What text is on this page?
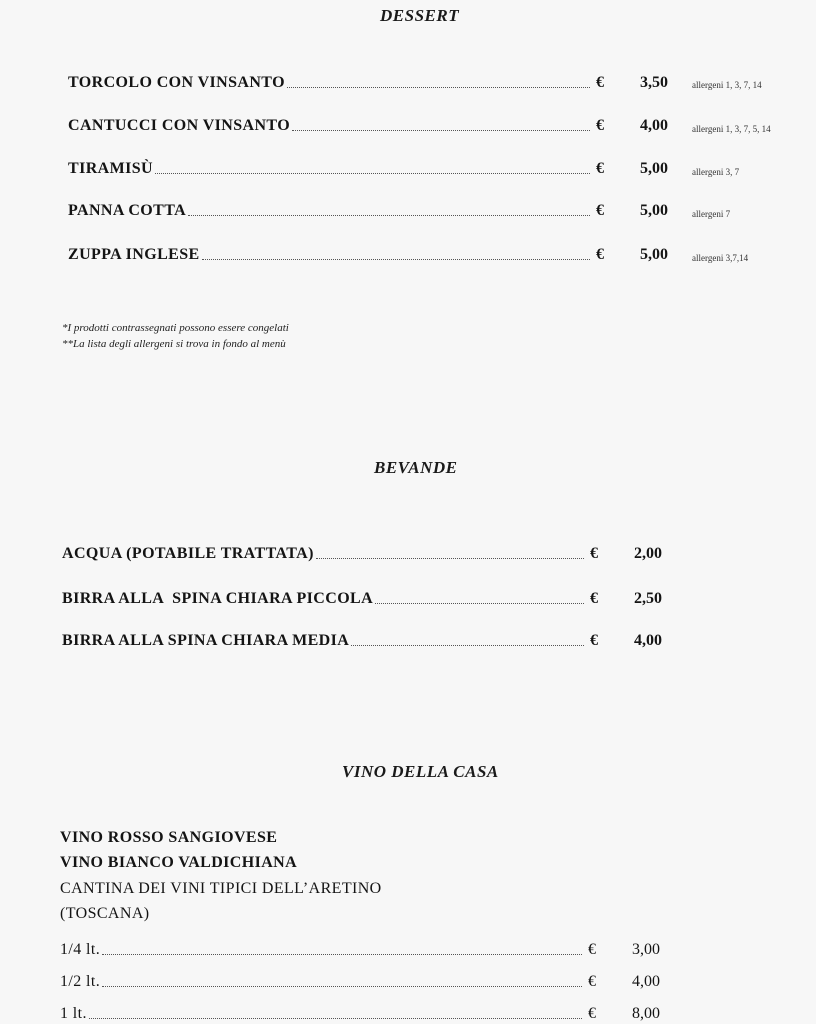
DESSERT
TORCOLO CON VINSANTO	€	3,50	allergeni 1, 3, 7, 14
CANTUCCI CON VINSANTO	€	4,00	allergeni 1, 3, 7, 5, 14
TIRAMISÙ	€	5,00	allergeni 3, 7
PANNA COTTA	€	5,00	allergeni 7
ZUPPA INGLESE	€	5,00	allergeni 3,7,14
*I prodotti contrassegnati possono essere congelati
**La lista degli allergeni si trova in fondo al menù
BEVANDE
ACQUA (POTABILE TRATTATA)	€	2,00
BIRRA ALLA  SPINA CHIARA PICCOLA	€	2,50
BIRRA ALLA SPINA CHIARA MEDIA	€	4,00
VINO DELLA CASA
VINO ROSSO SANGIOVESE
VINO BIANCO VALDICHIANA
CANTINA DEI VINI TIPICI DELL’ARETINO
(TOSCANA)
1/4 lt.	€	3,00
1/2 lt.	€	4,00
1 lt.	€	8,00
